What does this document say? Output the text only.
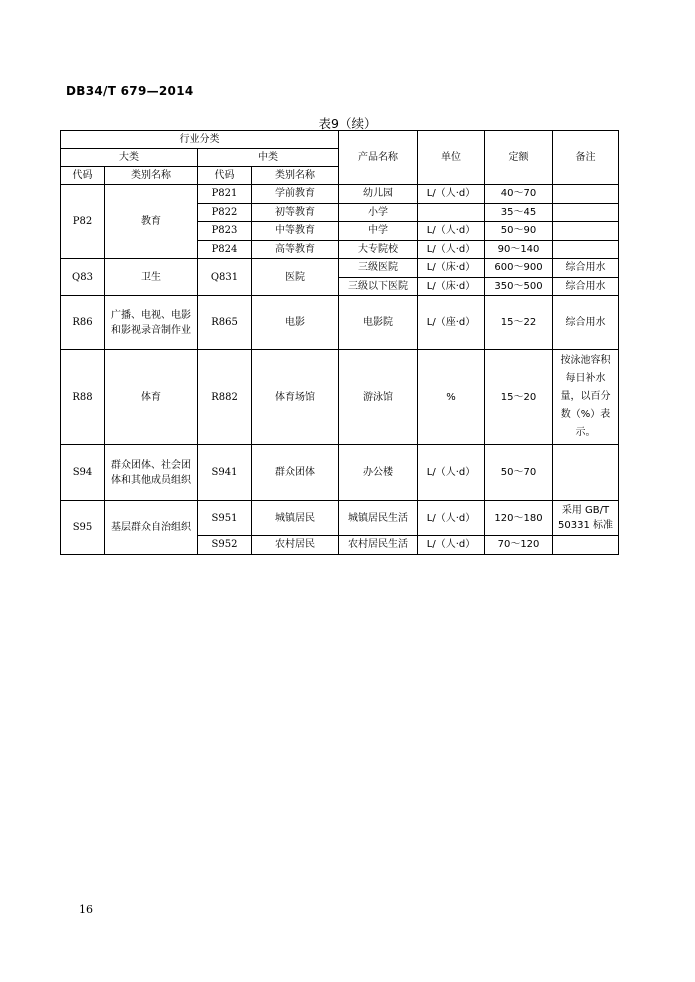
DB34/T 679—2014
表9（续）
行业分类				产品名称	单位	定额	备注
大类		中类					
代码	类别名称	代码	类别名称				
P82	教育	P821	学前教育	幼儿园	L/（人·d）	40～70	
		P822	初等教育	小学		35～45	
		P823	中等教育	中学	L/（人·d）	50～90	
		P824	高等教育	大专院校	L/（人·d）	90～140	
Q83	卫生	Q831	医院	三级医院	L/（床·d）	600～900	综合用水
				三级以下医院	L/（床·d）	350～500	综合用水
R86	广播、电视、电影和影视录音制作业	R865	电影	电影院	L/（座·d）	15～22	综合用水
R88	体育	R882	体育场馆	游泳馆	%	15～20	按泳池容积每日补水量，以百分数（%）表示。
S94	群众团体、社会团体和其他成员组织	S941	群众团体	办公楼	L/（人·d）	50～70	
S95	基层群众自治组织	S951	城镇居民	城镇居民生活	L/（人·d）	120～180	采用 GB/T 50331 标准
		S952	农村居民	农村居民生活	L/（人·d）	70～120	
16
